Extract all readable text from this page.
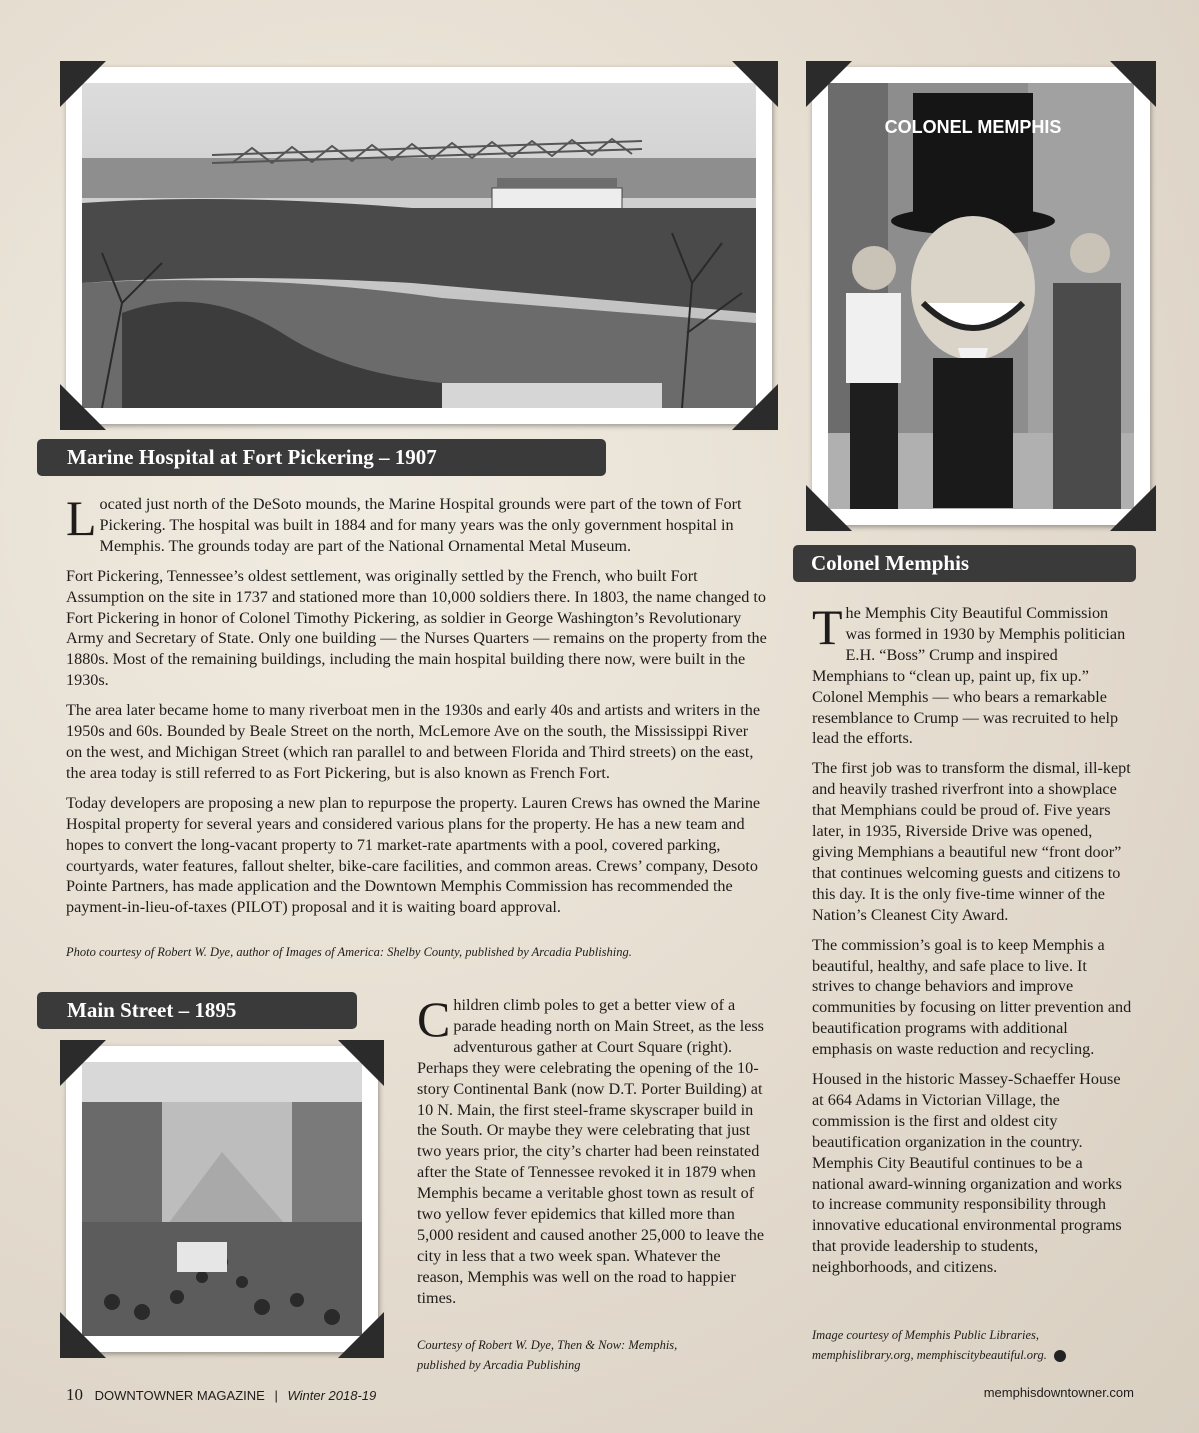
Marine Hospital at Fort Pickering – 1907

Located just north of the DeSoto mounds, the Marine Hospital grounds were part of the town of Fort Pickering. The hospital was built in 1884 and for many years was the only government hospital in Memphis. The grounds today are part of the National Ornamental Metal Museum.

Fort Pickering, Tennessee’s oldest settlement, was originally settled by the French, who built Fort Assumption on the site in 1737 and stationed more than 10,000 soldiers there. In 1803, the name changed to Fort Pickering in honor of Colonel Timothy Pickering, as soldier in George Washington’s Revolutionary Army and Secretary of State. Only one building — the Nurses Quarters — remains on the property from the 1880s. Most of the remaining buildings, including the main hospital building there now, were built in the 1930s.

The area later became home to many riverboat men in the 1930s and early 40s and artists and writers in the 1950s and 60s. Bounded by Beale Street on the north, McLemore Ave on the south, the Mississippi River on the west, and Michigan Street (which ran parallel to and between Florida and Third streets) on the east, the area today is still referred to as Fort Pickering, but is also known as French Fort.

Today developers are proposing a new plan to repurpose the property. Lauren Crews has owned the Marine Hospital property for several years and considered various plans for the property. He has a new team and hopes to convert the long-vacant property to 71 market-rate apartments with a pool, covered parking, courtyards, water features, fallout shelter, bike-care facilities, and common areas. Crews’ company, Desoto Pointe Partners, has made application and the Downtown Memphis Commission has recommended the payment-in-lieu-of-taxes (PILOT) proposal and it is waiting board approval.

Photo courtesy of Robert W. Dye, author of Images of America: Shelby County, published by Arcadia Publishing.
COLONEL MEMPHIS
Colonel Memphis

The Memphis City Beautiful Commission was formed in 1930 by Memphis politician E.H. “Boss” Crump and inspired Memphians to “clean up, paint up, fix up.” Colonel Memphis — who bears a remarkable resemblance to Crump — was recruited to help lead the efforts.

The first job was to transform the dismal, ill-kept and heavily trashed riverfront into a showplace that Memphians could be proud of. Five years later, in 1935, Riverside Drive was opened, giving Memphians a beautiful new “front door” that continues welcoming guests and citizens to this day. It is the only five-time winner of the Nation’s Cleanest City Award.

The commission’s goal is to keep Memphis a beautiful, healthy, and safe place to live. It strives to change behaviors and improve communities by focusing on litter prevention and beautification programs with additional emphasis on waste reduction and recycling.

Housed in the historic Massey-Schaeffer House at 664 Adams in Victorian Village, the commission is the first and oldest city beautification organization in the country. Memphis City Beautiful continues to be a national award-winning organization and works to increase community responsibility through innovative educational environmental programs that provide leadership to students, neighborhoods, and citizens.

Image courtesy of Memphis Public Libraries, memphislibrary.org, memphiscitybeautiful.org.
Main Street – 1895	Children climb poles to get a better view of a parade heading north on Main Street, as the less adventurous gather at Court Square (right). Perhaps they were celebrating the opening of the 10-story Continental Bank (now D.T. Porter Building) at 10 N. Main, the first steel-frame skyscraper build in the South. Or maybe they were celebrating that just two years prior, the city’s charter had been reinstated after the State of Tennessee revoked it in 1879 when Memphis became a veritable ghost town as result of two yellow fever epidemics that killed more than 5,000 resident and caused another 25,000 to leave the city in less that a two week span. Whatever the reason, Memphis was well on the road to happier times.

Courtesy of Robert W. Dye, Then & Now: Memphis, published by Arcadia Publishing
10 DOWNTOWNER MAGAZINE | Winter 2018-19	memphisdowntowner.com
